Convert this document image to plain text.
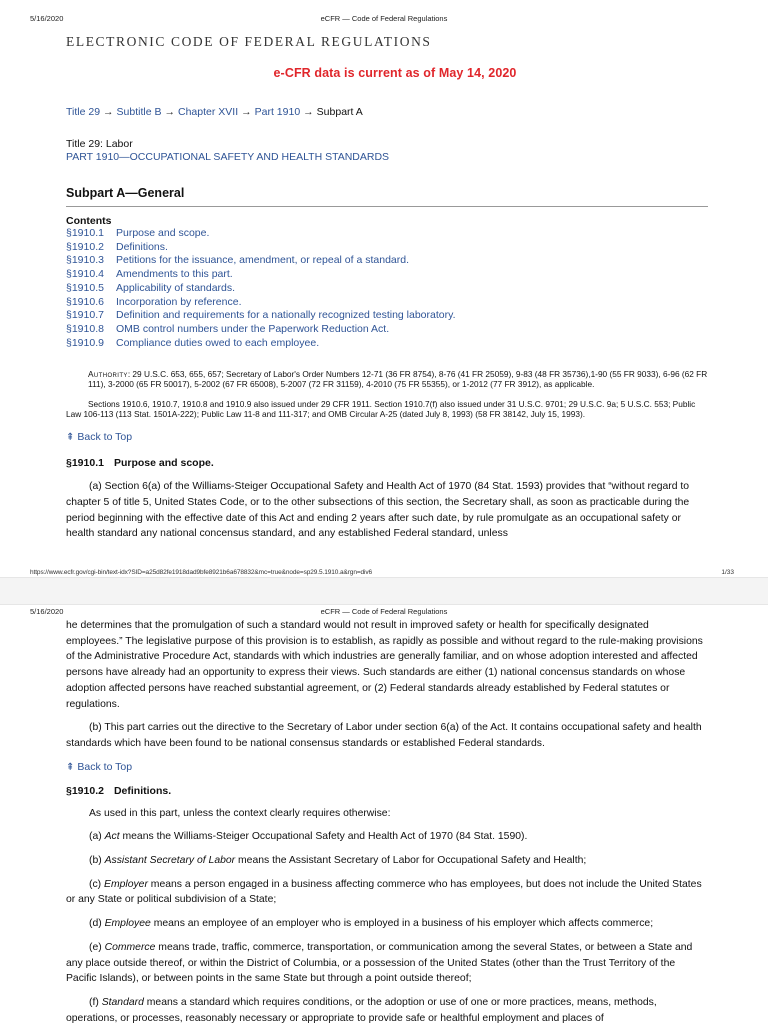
5/16/2020	eCFR — Code of Federal Regulations
ELECTRONIC CODE OF FEDERAL REGULATIONS
e-CFR data is current as of May 14, 2020
Title 29 → Subtitle B → Chapter XVII → Part 1910 → Subpart A
Title 29: Labor
PART 1910—OCCUPATIONAL SAFETY AND HEALTH STANDARDS
Subpart A—General
Contents
§1910.1 Purpose and scope.
§1910.2 Definitions.
§1910.3 Petitions for the issuance, amendment, or repeal of a standard.
§1910.4 Amendments to this part.
§1910.5 Applicability of standards.
§1910.6 Incorporation by reference.
§1910.7 Definition and requirements for a nationally recognized testing laboratory.
§1910.8 OMB control numbers under the Paperwork Reduction Act.
§1910.9 Compliance duties owed to each employee.

Authority: 29 U.S.C. 653, 655, 657; Secretary of Labor's Order Numbers 12-71 (36 FR 8754), 8-76 (41 FR 25059), 9-83 (48 FR 35736),1-90 (55 FR 9033), 6-96 (62 FR 111), 3-2000 (65 FR 50017), 5-2002 (67 FR 65008), 5-2007 (72 FR 31159), 4-2010 (75 FR 55355), or 1-2012 (77 FR 3912), as applicable.

Sections 1910.6, 1910.7, 1910.8 and 1910.9 also issued under 29 CFR 1911. Section 1910.7(f) also issued under 31 U.S.C. 9701; 29 U.S.C. 9a; 5 U.S.C. 553; Public Law 106-113 (113 Stat. 1501A-222); Public Law 11-8 and 111-317; and OMB Circular A-25 (dated July 8, 1993) (58 FR 38142, July 15, 1993).

⇞ Back to Top
§1910.1 Purpose and scope.

(a) Section 6(a) of the Williams-Steiger Occupational Safety and Health Act of 1970 (84 Stat. 1593) provides that “without regard to chapter 5 of title 5, United States Code, or to the other subsections of this section, the Secretary shall, as soon as practicable during the period beginning with the effective date of this Act and ending 2 years after such date, by rule promulgate as an occupational safety or health standard any national concensus standard, and any established Federal standard, unless

https://www.ecfr.gov/cgi-bin/text-idx?SID=a25d82fe1918dad9bfe8921b6a678832&mc=true&node=sp29.5.1910.a&rgn=div6	1/33
5/16/2020	eCFR — Code of Federal Regulations

he determines that the promulgation of such a standard would not result in improved safety or health for specifically designated employees.” The legislative purpose of this provision is to establish, as rapidly as possible and without regard to the rule-making provisions of the Administrative Procedure Act, standards with which industries are generally familiar, and on whose adoption interested and affected persons have already had an opportunity to express their views. Such standards are either (1) national concensus standards on whose adoption affected persons have reached substantial agreement, or (2) Federal standards already established by Federal statutes or regulations.

(b) This part carries out the directive to the Secretary of Labor under section 6(a) of the Act. It contains occupational safety and health standards which have been found to be national consensus standards or established Federal standards.

⇞ Back to Top
§1910.2 Definitions.

As used in this part, unless the context clearly requires otherwise:

(a) Act means the Williams-Steiger Occupational Safety and Health Act of 1970 (84 Stat. 1590).

(b) Assistant Secretary of Labor means the Assistant Secretary of Labor for Occupational Safety and Health;

(c) Employer means a person engaged in a business affecting commerce who has employees, but does not include the United States or any State or political subdivision of a State;

(d) Employee means an employee of an employer who is employed in a business of his employer which affects commerce;

(e) Commerce means trade, traffic, commerce, transportation, or communication among the several States, or between a State and any place outside thereof, or within the District of Columbia, or a possession of the United States (other than the Trust Territory of the Pacific Islands), or between points in the same State but through a point outside thereof;

(f) Standard means a standard which requires conditions, or the adoption or use of one or more practices, means, methods, operations, or processes, reasonably necessary or appropriate to provide safe or healthful employment and places of
